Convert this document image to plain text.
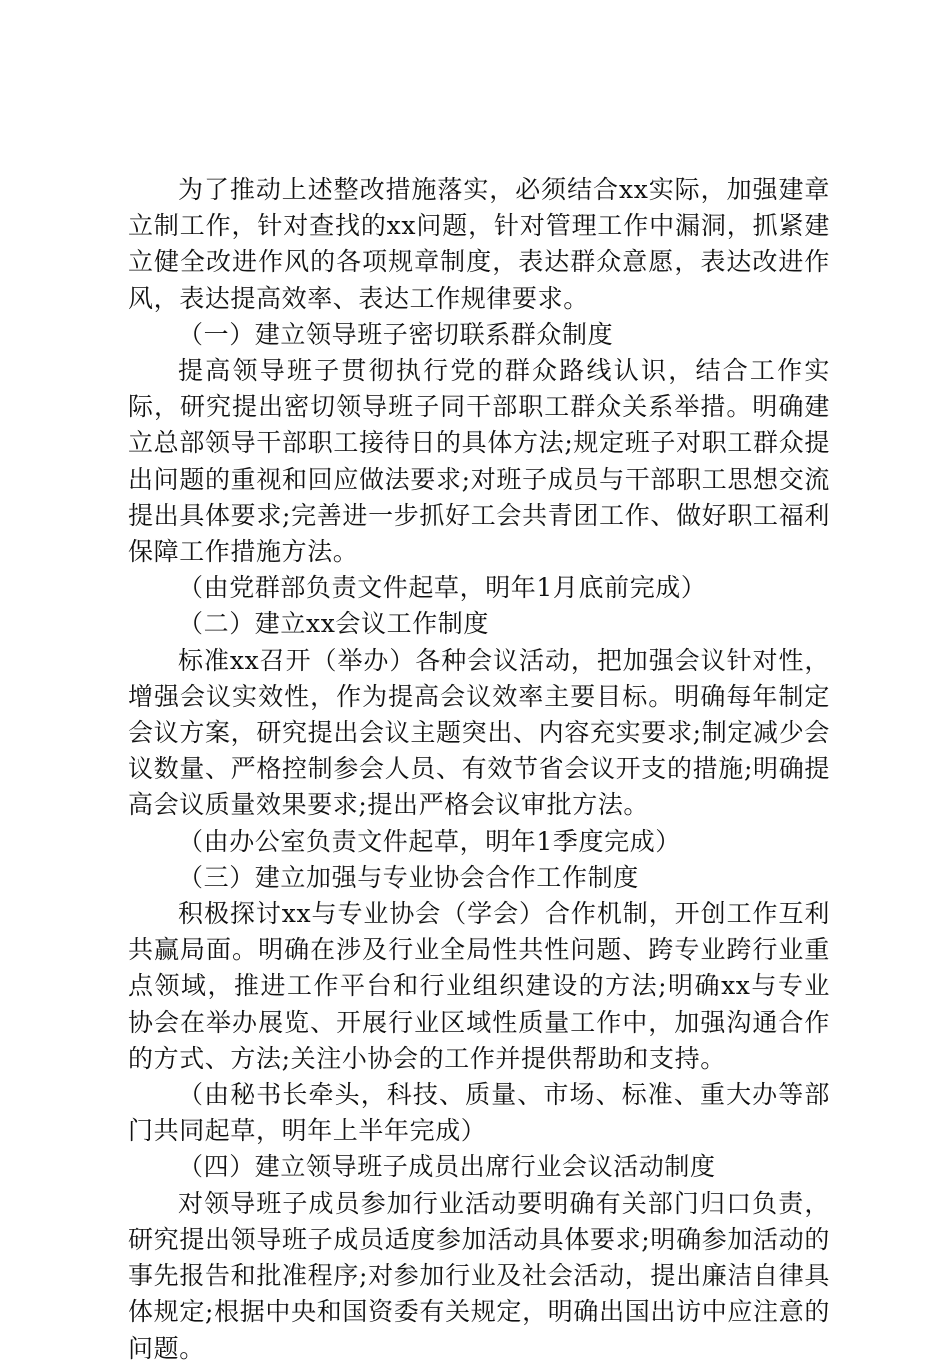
为了推动上述整改措施落实，必须结合xx实际，加强建章立制工作，针对查找的xx问题，针对管理工作中漏洞，抓紧建立健全改进作风的各项规章制度，表达群众意愿，表达改进作风，表达提高效率、表达工作规律要求。

（一）建立领导班子密切联系群众制度

提高领导班子贯彻执行党的群众路线认识，结合工作实际，研究提出密切领导班子同干部职工群众关系举措。明确建立总部领导干部职工接待日的具体方法;规定班子对职工群众提出问题的重视和回应做法要求;对班子成员与干部职工思想交流提出具体要求;完善进一步抓好工会共青团工作、做好职工福利保障工作措施方法。

（由党群部负责文件起草，明年1月底前完成）

（二）建立xx会议工作制度

标准xx召开（举办）各种会议活动，把加强会议针对性，增强会议实效性，作为提高会议效率主要目标。明确每年制定会议方案，研究提出会议主题突出、内容充实要求;制定减少会议数量、严格控制参会人员、有效节省会议开支的措施;明确提高会议质量效果要求;提出严格会议审批方法。

（由办公室负责文件起草，明年1季度完成）

（三）建立加强与专业协会合作工作制度

积极探讨xx与专业协会（学会）合作机制，开创工作互利共赢局面。明确在涉及行业全局性共性问题、跨专业跨行业重点领域，推进工作平台和行业组织建设的方法;明确xx与专业协会在举办展览、开展行业区域性质量工作中，加强沟通合作的方式、方法;关注小协会的工作并提供帮助和支持。

（由秘书长牵头，科技、质量、市场、标准、重大办等部门共同起草，明年上半年完成）

（四）建立领导班子成员出席行业会议活动制度

对领导班子成员参加行业活动要明确有关部门归口负责，研究提出领导班子成员适度参加活动具体要求;明确参加活动的事先报告和批准程序;对参加行业及社会活动，提出廉洁自律具体规定;根据中央和国资委有关规定，明确出国出访中应注意的问题。
